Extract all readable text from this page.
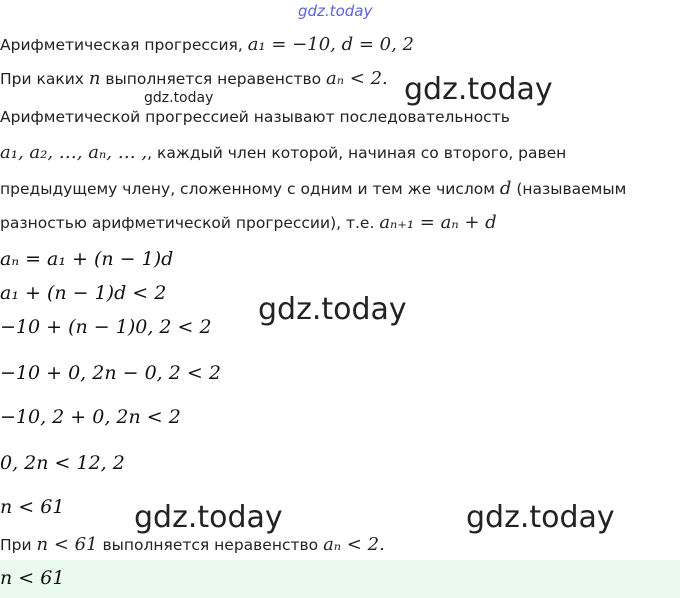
gdz.today
Арифметическая прогрессия, a₁ = −10, d = 0, 2
При каких n выполняется неравенство aₙ < 2. gdz.today
gdz.today
Арифметической прогрессией называют последовательность
a₁, a₂, …, aₙ, … ,, каждый член которой, начиная со второго, равен
предыдущему члену, сложенному с одним и тем же числом d (называемым
разностью арифметической прогрессии), т.е. aₙ₊₁ = aₙ + d
aₙ = a₁ + (n − 1)d
a₁ + (n − 1)d < 2	gdz.today
−10 + (n − 1)0, 2 < 2
−10 + 0, 2n − 0, 2 < 2
−10, 2 + 0, 2n < 2
0, 2n < 12, 2
n < 61 gdz.today	gdz.today
При n < 61 выполняется неравенство aₙ < 2.
n < 61
